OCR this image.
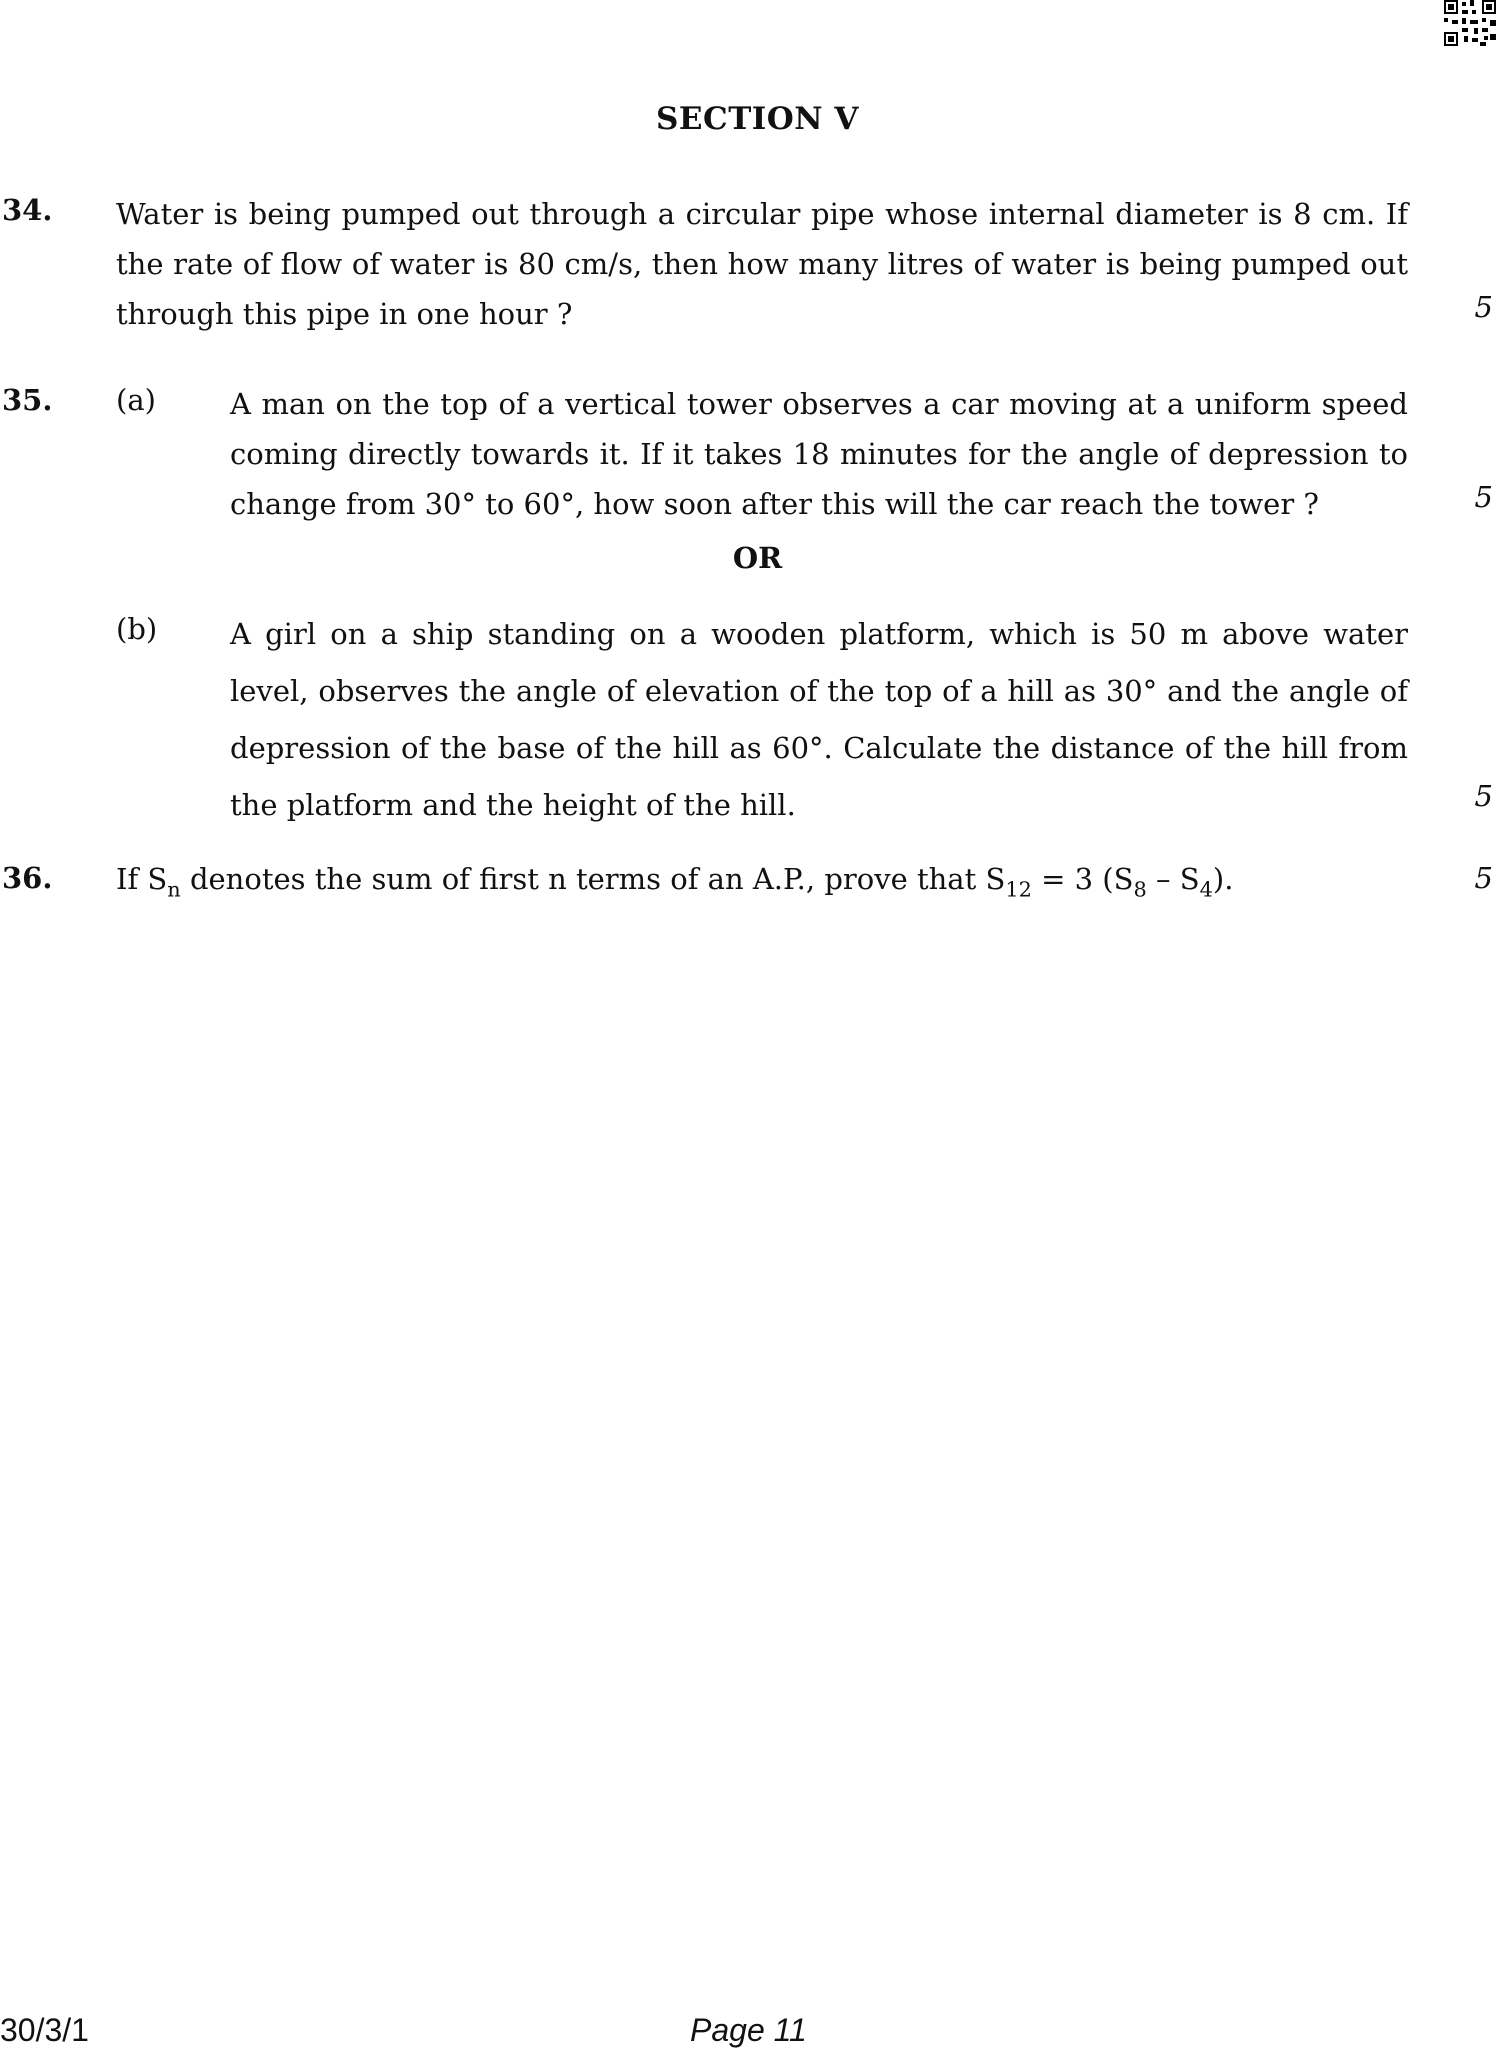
SECTION V
34. Water is being pumped out through a circular pipe whose internal diameter is 8 cm. If the rate of flow of water is 80 cm/s, then how many litres of water is being pumped out through this pipe in one hour ?	5
35. (a)	A man on the top of a vertical tower observes a car moving at a uniform speed coming directly towards it. If it takes 18 minutes for the angle of depression to change from 30° to 60°, how soon after this will the car reach the tower ?	5
OR
(b)	A girl on a ship standing on a wooden platform, which is 50 m above water level, observes the angle of elevation of the top of a hill as 30° and the angle of depression of the base of the hill as 60°. Calculate the distance of the hill from the platform and the height of the hill.	5
36. If $S_n$ denotes the sum of first n terms of an A.P., prove that $S_{12} = 3$ $(S_8 - S_4)$.	5
30/3/1	Page 11
